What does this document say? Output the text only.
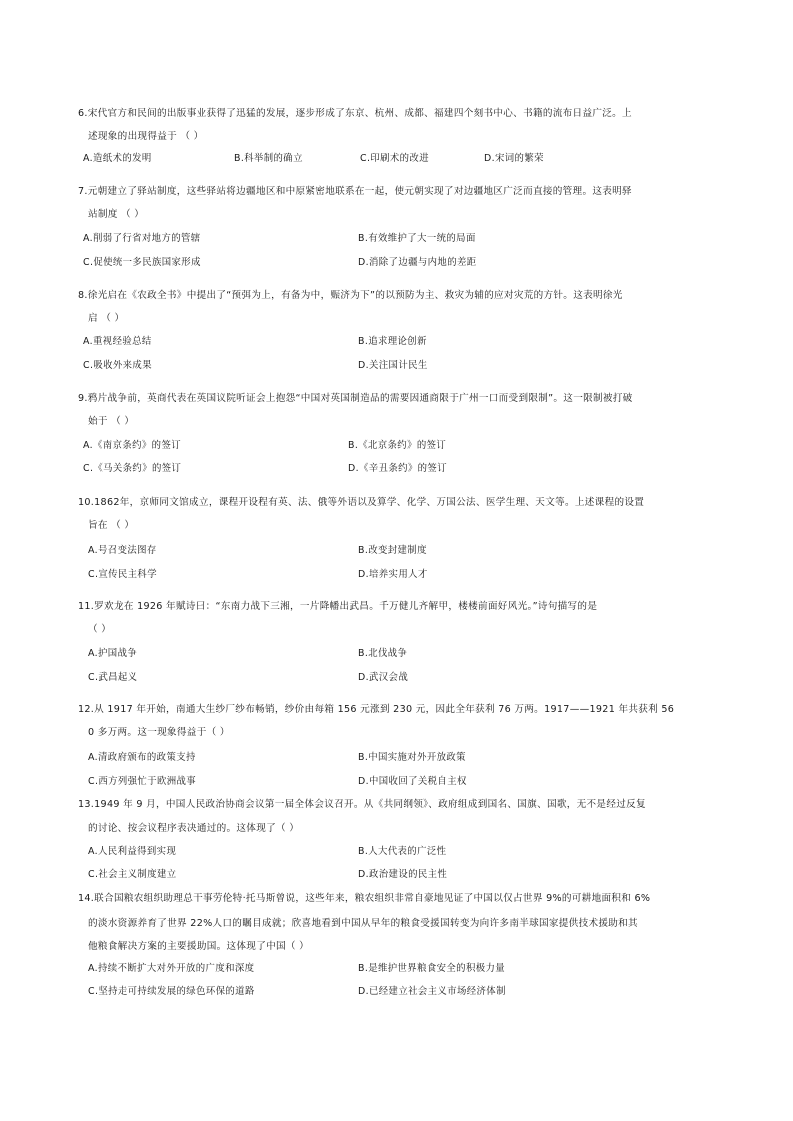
6.宋代官方和民间的出版事业获得了迅猛的发展，逐步形成了东京、杭州、成都、福建四个刻书中心、书籍的流布日益广泛。上
述现象的出现得益于 （ ）
A.造纸术的发明	B.科举制的确立	C.印刷术的改进	D.宋词的繁荣
7.元朝建立了驿站制度，这些驿站将边疆地区和中原紧密地联系在一起，使元朝实现了对边疆地区广泛而直接的管理。这表明驿
站制度 （ ）
A.削弱了行省对地方的管辖	B.有效维护了大一统的局面
C.促使统一多民族国家形成	D.消除了边疆与内地的差距
8.徐光启在《农政全书》中提出了“预弭为上，有备为中，赈济为下”的以预防为主、救灾为辅的应对灾荒的方针。这表明徐光
启 （ ）
A.重视经验总结	B.追求理论创新
C.吸收外来成果	D.关注国计民生
9.鸦片战争前，英商代表在英国议院听证会上抱怨“中国对英国制造品的需要因通商限于广州一口而受到限制”。这一限制被打破
始于 （ ）
A.《南京条约》的签订	B.《北京条约》的签订
C.《马关条约》的签订	D.《辛丑条约》的签订
10.1862年，京师同文馆成立，课程开设程有英、法、俄等外语以及算学、化学、万国公法、医学生理、天文等。上述课程的设置
旨在 （ ）
A.号召变法图存	B.改变封建制度
C.宣传民主科学	D.培养实用人才
11.罗欢龙在 1926 年赋诗曰：“东南力战下三湘，一片降幡出武昌。千万健儿齐解甲，楼楼前面好风光。”诗句描写的是
（ ）
A.护国战争	B.北伐战争
C.武昌起义	D.武汉会战
12.从 1917 年开始，南通大生纱厂纱布畅销，纱价由每箱 156 元涨到 230 元，因此全年获利 76 万两。1917——1921 年共获利 56
0 多万两。这一现象得益于（ ）
A.清政府颁布的政策支持	B.中国实施对外开放政策
C.西方列强忙于欧洲战事	D.中国收回了关税自主权
13.1949 年 9 月，中国人民政治协商会议第一届全体会议召开。从《共同纲领》、政府组成到国名、国旗、国歌，无不是经过反复
的讨论、按会议程序表决通过的。这体现了（ ）
A.人民利益得到实现	B.人大代表的广泛性
C.社会主义制度建立	D.政治建设的民主性
14.联合国粮农组织助理总干事劳伦特·托马斯曾说，这些年来，粮农组织非常自豪地见证了中国以仅占世界 9%的可耕地面积和 6%
的淡水资源养育了世界 22%人口的瞩目成就；欣喜地看到中国从早年的粮食受援国转变为向许多南半球国家提供技术援助和其
他粮食解决方案的主要援助国。这体现了中国（ ）
A.持续不断扩大对外开放的广度和深度	B.是维护世界粮食安全的积极力量
C.坚持走可持续发展的绿色环保的道路	D.已经建立社会主义市场经济体制
